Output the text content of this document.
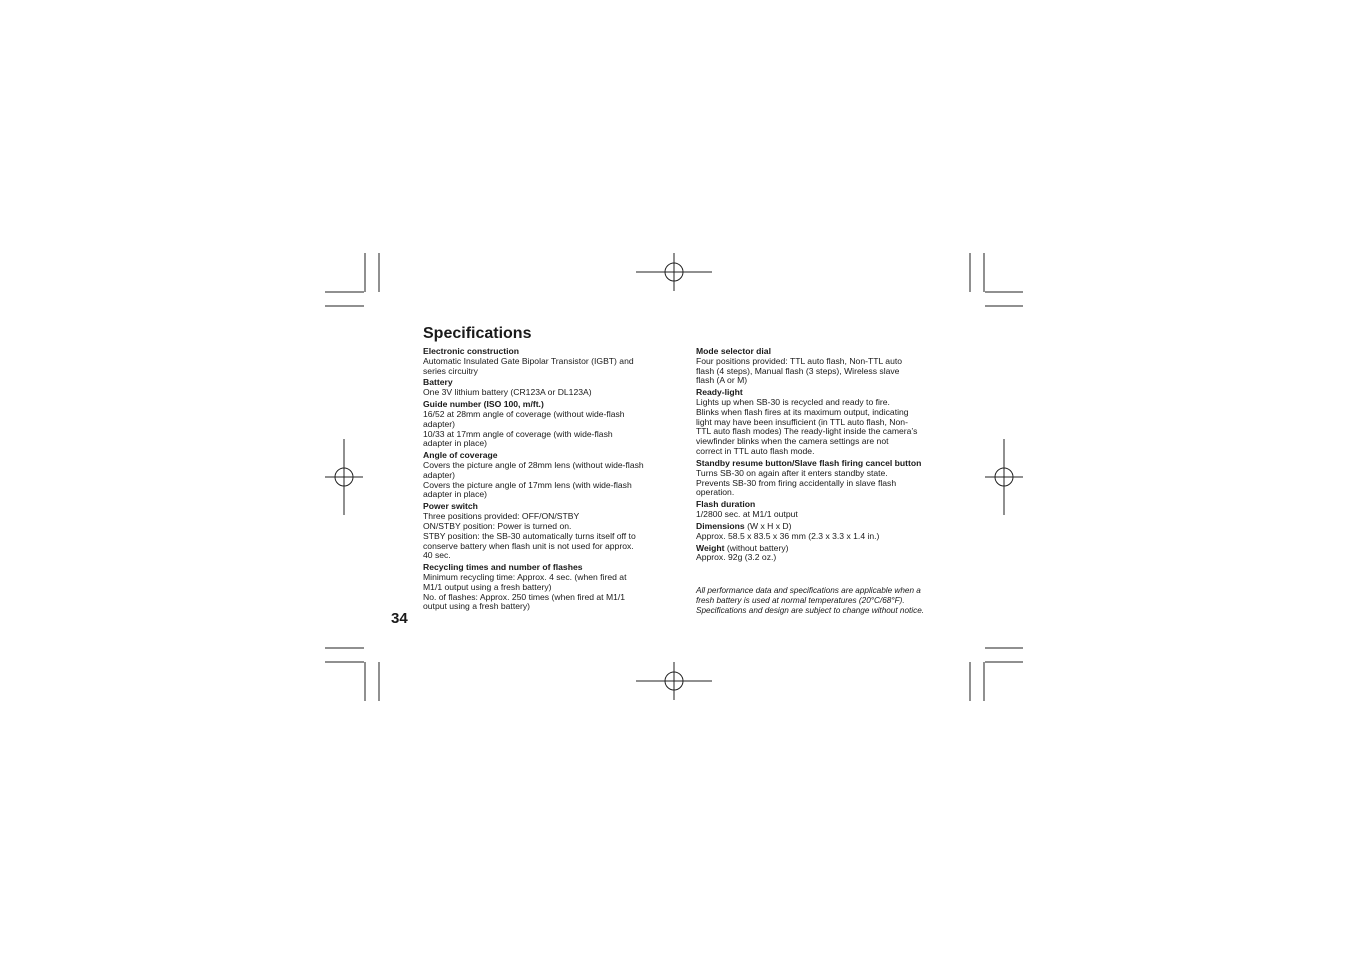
Specifications
Electronic construction
Automatic Insulated Gate Bipolar Transistor (IGBT) and
series circuitry
Battery
One 3V lithium battery (CR123A or DL123A)
Guide number (ISO 100, m/ft.)
16/52 at 28mm angle of coverage (without wide-flash
adapter)
10/33 at 17mm angle of coverage (with wide-flash
adapter in place)
Angle of coverage
Covers the picture angle of 28mm lens (without wide-flash
adapter)
Covers the picture angle of 17mm lens (with wide-flash
adapter in place)
Power switch
Three positions provided: OFF/ON/STBY
ON/STBY position: Power is turned on.
STBY position: the SB-30 automatically turns itself off to
conserve battery when flash unit is not used for approx.
40 sec.
Recycling times and number of flashes
Minimum recycling time: Approx. 4 sec. (when fired at
M1/1 output using a fresh battery)
No. of flashes: Approx. 250 times (when fired at M1/1
output using a fresh battery)
Mode selector dial
Four positions provided: TTL auto flash, Non-TTL auto
flash (4 steps), Manual flash (3 steps), Wireless slave
flash (A or M)
Ready-light
Lights up when SB-30 is recycled and ready to fire.
Blinks when flash fires at its maximum output, indicating
light may have been insufficient (in TTL auto flash, Non-
TTL auto flash modes) The ready-light inside the camera’s
viewfinder blinks when the camera settings are not
correct in TTL auto flash mode.
Standby resume button/Slave flash firing cancel button
Turns SB-30 on again after it enters standby state.
Prevents SB-30 from firing accidentally in slave flash
operation.
Flash duration
1/2800 sec. at M1/1 output
Dimensions (W x H x D)
Approx. 58.5 x 83.5 x 36 mm (2.3 x 3.3 x 1.4 in.)
Weight (without battery)
Approx. 92g (3.2 oz.)
All performance data and specifications are applicable when a
fresh battery is used at normal temperatures (20°C/68°F).
Specifications and design are subject to change without notice.
34
